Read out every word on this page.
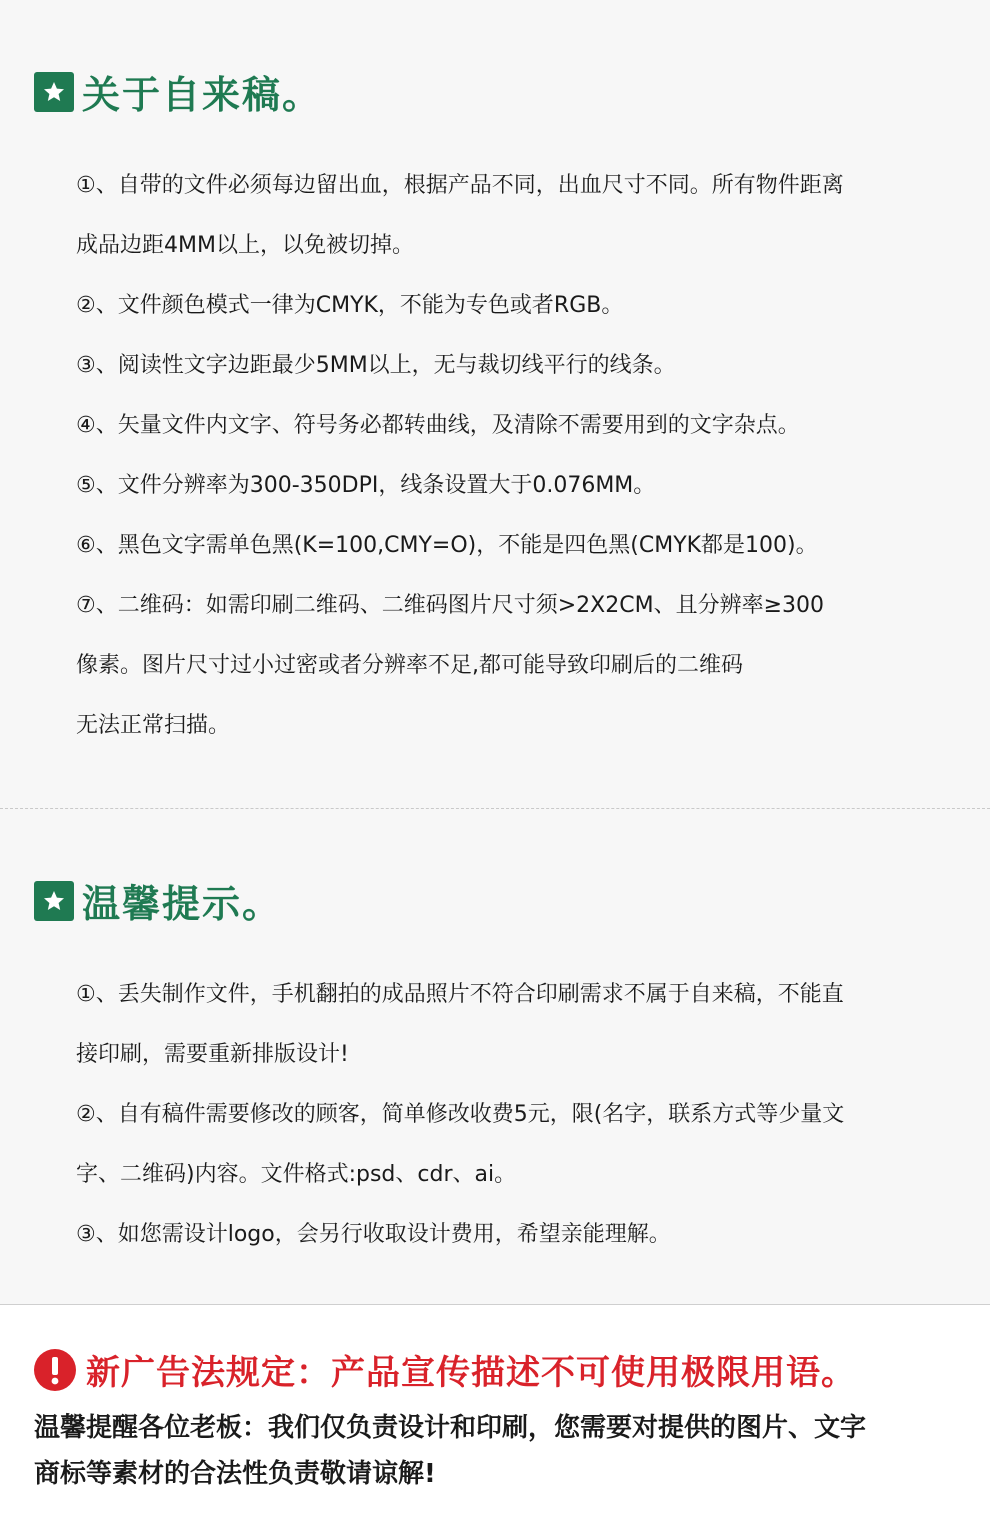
关于自来稿。
①、自带的文件必须每边留出血，根据产品不同，出血尺寸不同。所有物件距离
成品边距4MM以上，以免被切掉。
②、文件颜色模式一律为CMYK，不能为专色或者RGB。
③、阅读性文字边距最少5MM以上，无与裁切线平行的线条。
④、矢量文件内文字、符号务必都转曲线，及清除不需要用到的文字杂点。
⑤、文件分辨率为300-350DPI，线条设置大于0.076MM。
⑥、黑色文字需单色黑(K=100,CMY=O)，不能是四色黑(CMYK都是100)。
⑦、二维码：如需印刷二维码、二维码图片尺寸须>2X2CM、且分辨率≥300
像素。图片尺寸过小过密或者分辨率不足,都可能导致印刷后的二维码
无法正常扫描。
温馨提示。
①、丢失制作文件，手机翻拍的成品照片不符合印刷需求不属于自来稿，不能直
接印刷，需要重新排版设计!
②、自有稿件需要修改的顾客，简单修改收费5元，限(名字，联系方式等少量文
字、二维码)内容。文件格式:psd、cdr、ai。
③、如您需设计logo，会另行收取设计费用，希望亲能理解。
新广告法规定：产品宣传描述不可使用极限用语。
温馨提醒各位老板：我们仅负责设计和印刷，您需要对提供的图片、文字
商标等素材的合法性负责敬请谅解!
